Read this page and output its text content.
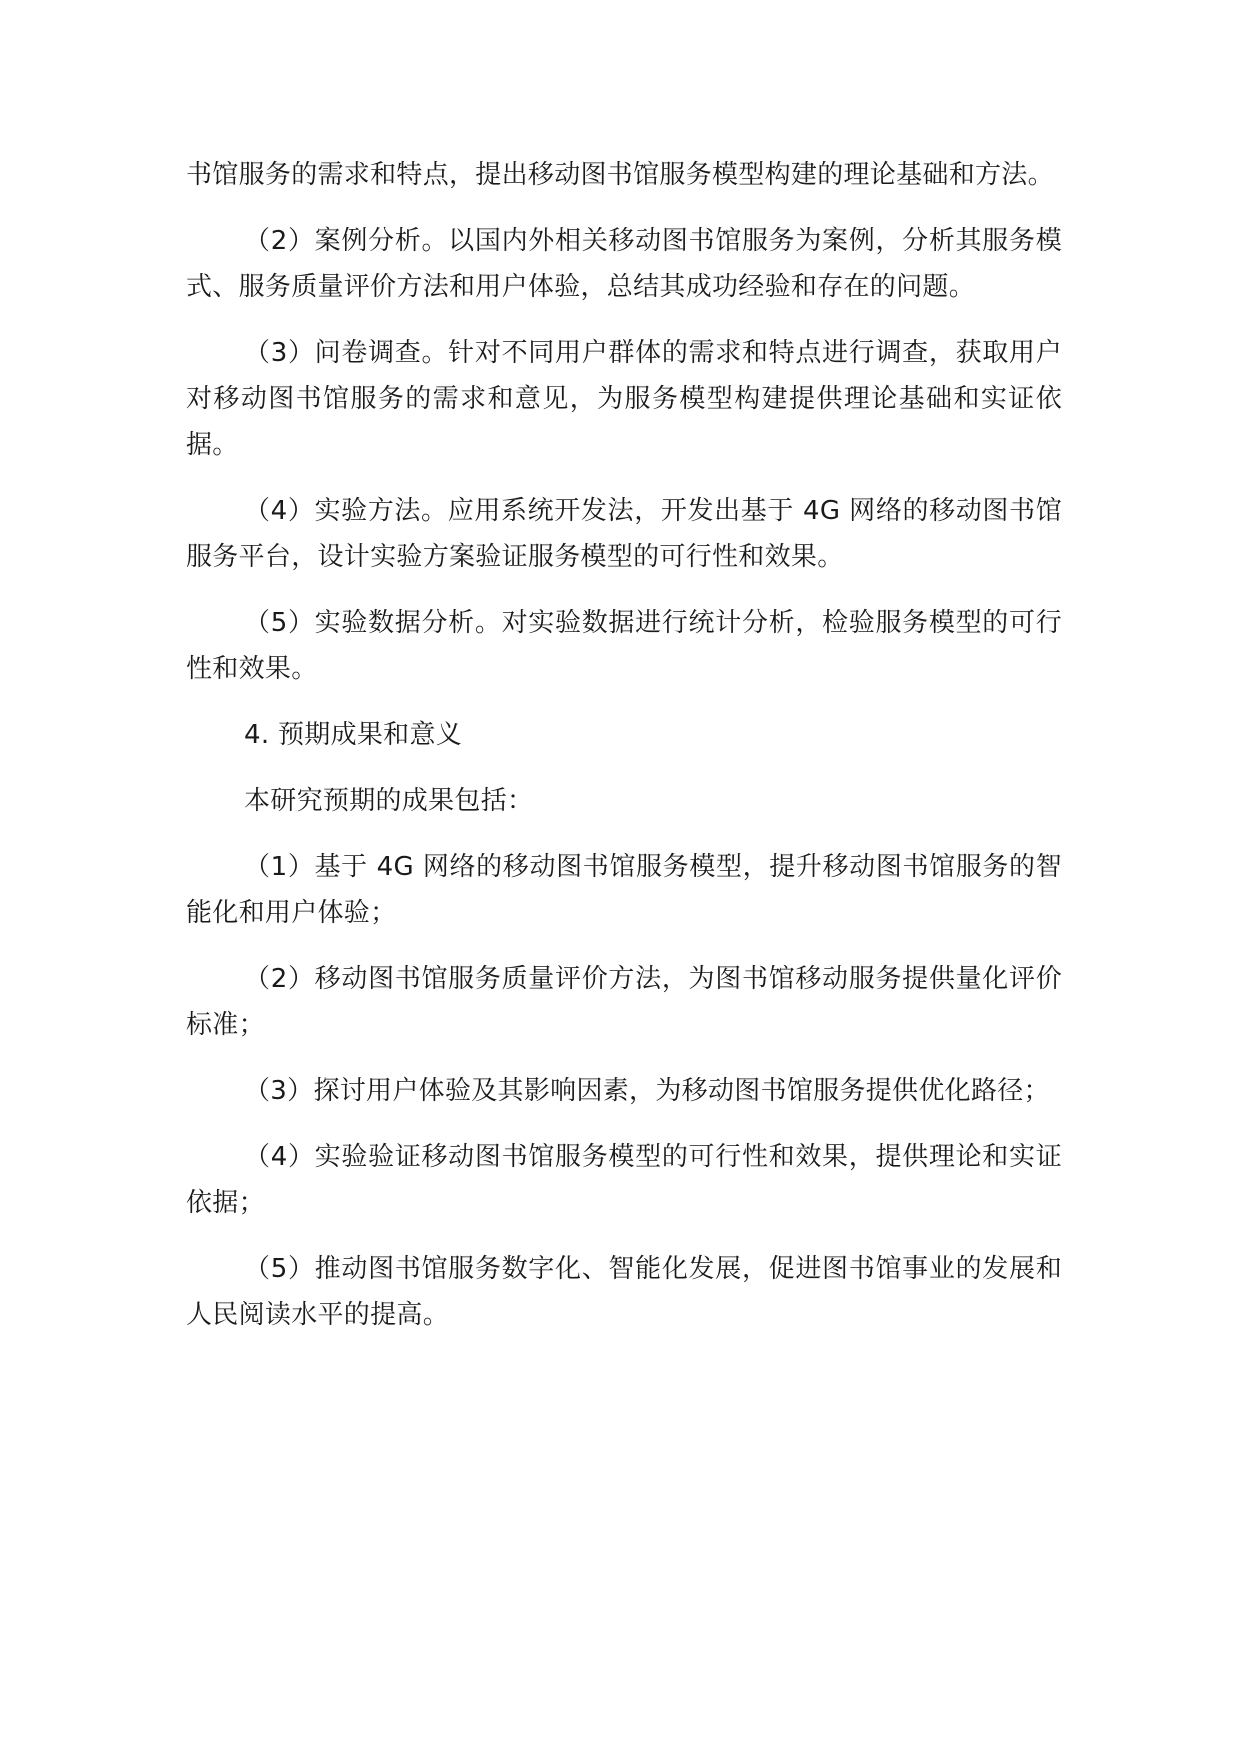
书馆服务的需求和特点，提出移动图书馆服务模型构建的理论基础和方法。

（2）案例分析。以国内外相关移动图书馆服务为案例，分析其服务模式、服务质量评价方法和用户体验，总结其成功经验和存在的问题。

（3）问卷调查。针对不同用户群体的需求和特点进行调查，获取用户对移动图书馆服务的需求和意见，为服务模型构建提供理论基础和实证依据。

（4）实验方法。应用系统开发法，开发出基于 4G 网络的移动图书馆服务平台，设计实验方案验证服务模型的可行性和效果。

（5）实验数据分析。对实验数据进行统计分析，检验服务模型的可行性和效果。

4. 预期成果和意义

本研究预期的成果包括：

（1）基于 4G 网络的移动图书馆服务模型，提升移动图书馆服务的智能化和用户体验；

（2）移动图书馆服务质量评价方法，为图书馆移动服务提供量化评价标准；

（3）探讨用户体验及其影响因素，为移动图书馆服务提供优化路径；

（4）实验验证移动图书馆服务模型的可行性和效果，提供理论和实证依据；

（5）推动图书馆服务数字化、智能化发展，促进图书馆事业的发展和人民阅读水平的提高。
